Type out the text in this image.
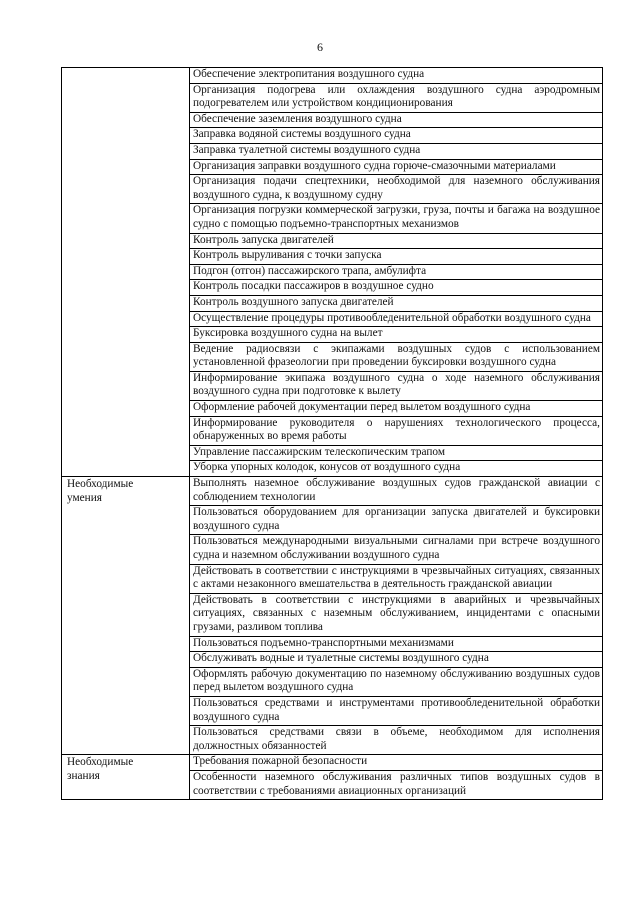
6
	Обеспечение электропитания воздушного судна
	Организация подогрева или охлаждения воздушного судна аэродромным подогревателем или устройством кондиционирования
	Обеспечение заземления воздушного судна
	Заправка водяной системы воздушного судна
	Заправка туалетной системы воздушного судна
	Организация заправки воздушного судна горюче-смазочными материалами
	Организация подачи спецтехники, необходимой для наземного обслуживания воздушного судна, к воздушному судну
	Организация погрузки коммерческой загрузки, груза, почты и багажа на воздушное судно с помощью подъемно-транспортных механизмов
	Контроль запуска двигателей
	Контроль выруливания с точки запуска
	Подгон (отгон) пассажирского трапа, амбулифта
	Контроль посадки пассажиров в воздушное судно
	Контроль воздушного запуска двигателей
	Осуществление процедуры противообледенительной обработки воздушного судна
	Буксировка воздушного судна на вылет
	Ведение радиосвязи с экипажами воздушных судов с использованием установленной фразеологии при проведении буксировки воздушного судна
	Информирование экипажа воздушного судна о ходе наземного обслуживания воздушного судна при подготовке к вылету
	Оформление рабочей документации перед вылетом воздушного судна
	Информирование руководителя о нарушениях технологического процесса, обнаруженных во время работы
	Управление пассажирским телескопическим трапом
	Уборка упорных колодок, конусов от воздушного судна

Необходимые
умения	Выполнять наземное обслуживание воздушных судов гражданской авиации с соблюдением технологии
	Пользоваться оборудованием для организации запуска двигателей и буксировки воздушного судна
	Пользоваться международными визуальными сигналами при встрече воздушного судна и наземном обслуживании воздушного судна
	Действовать в соответствии с инструкциями в чрезвычайных ситуациях, связанных с актами незаконного вмешательства в деятельность гражданской авиации
	Действовать в соответствии с инструкциями в аварийных и чрезвычайных ситуациях, связанных с наземным обслуживанием, инцидентами с опасными грузами, разливом топлива
	Пользоваться подъемно-транспортными механизмами
	Обслуживать водные и туалетные системы воздушного судна
	Оформлять рабочую документацию по наземному обслуживанию воздушных судов перед вылетом воздушного судна
	Пользоваться средствами и инструментами противообледенительной обработки воздушного судна
	Пользоваться средствами связи в объеме, необходимом для исполнения должностных обязанностей

Необходимые
знания	Требования пожарной безопасности
	Особенности наземного обслуживания различных типов воздушных судов в соответствии с требованиями авиационных организаций
